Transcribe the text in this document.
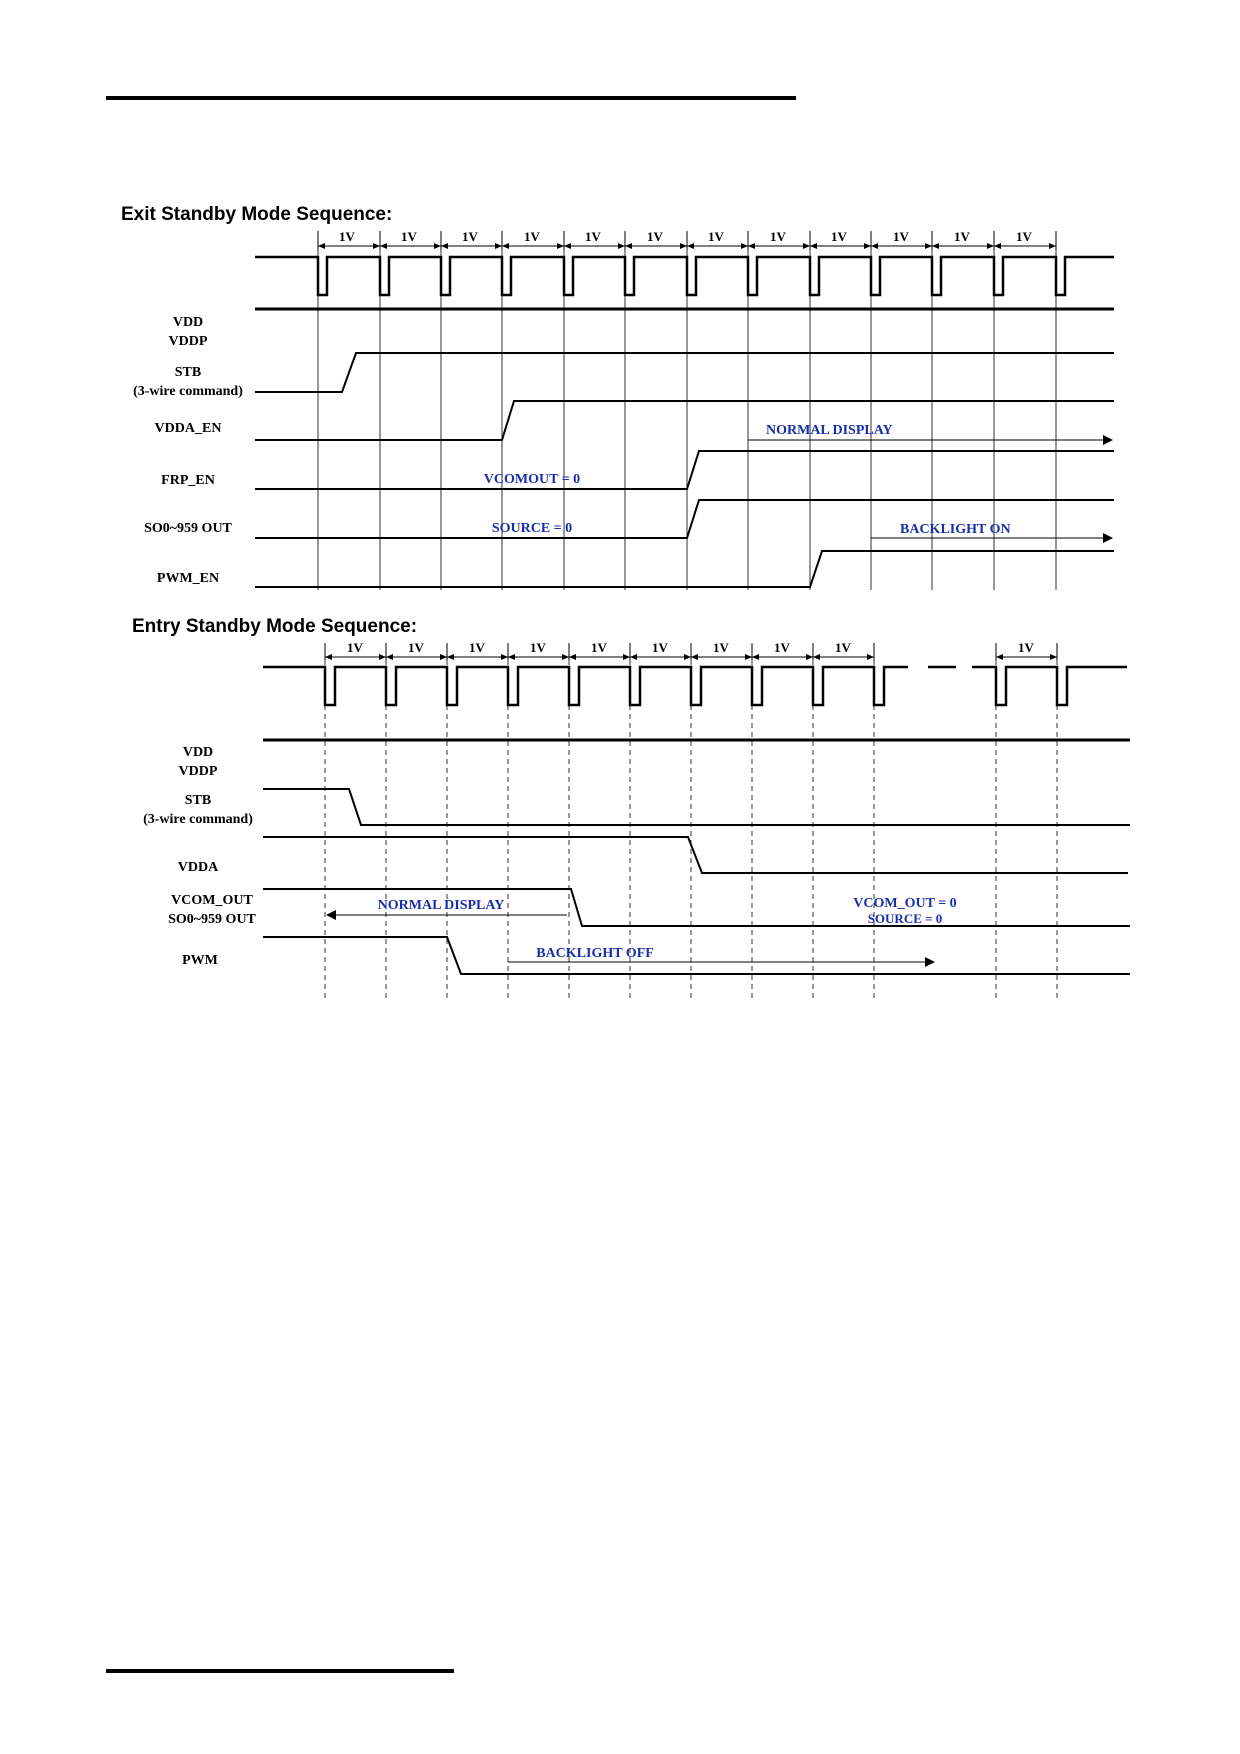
Exit Standby Mode Sequence:
1V	1V	1V	1V	1V	1V	1V	1V	1V	1V	1V	1V
VDD
VDDP
STB
(3-wire command)
VDDA_EN	NORMAL DISPLAY
FRP_EN	VCOMOUT = 0
SO0~959 OUT	SOURCE = 0	BACKLIGHT ON
PWM_EN
Entry Standby Mode Sequence:
1V	1V	1V	1V	1V	1V	1V	1V	1V	1V
VDD
VDDP
STB
(3-wire command)
VDDA
VCOM_OUT
SO0~959 OUT
NORMAL DISPLAY	VCOM_OUT = 0
SOURCE = 0
PWM	BACKLIGHT OFF
